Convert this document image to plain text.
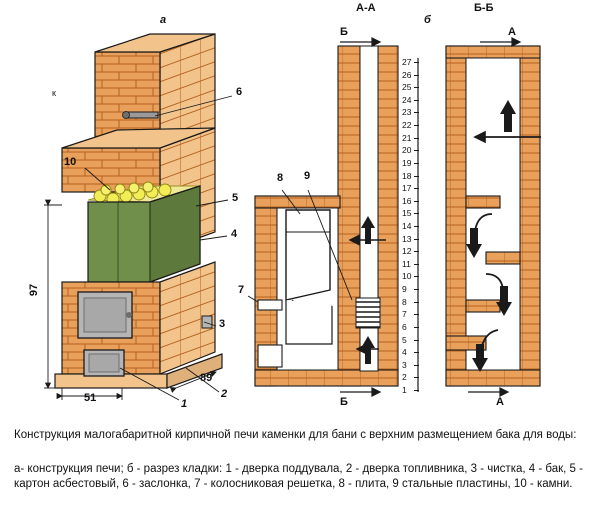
к
а
А-А
б
Б-Б
Б	А
Б	А
10
6
5
4
3
1
2
7
8 9
97
51
89
27
26
25
24
23
22
21
20
19
18
17
16
15
14
13
12
11
10
9
8
7
6
5
4
3
2
1
Конструкция малогабаритной кирпичной печи каменки для бани с верхним размещением бака для воды:
а- конструкция печи; б - разрез кладки: 1 - дверка поддувала, 2 - дверка топливника, 3 - чистка, 4 - бак, 5 - картон асбестовый, 6 - заслонка, 7 - колосниковая решетка, 8 - плита, 9 стальные пластины, 10 - камни.
